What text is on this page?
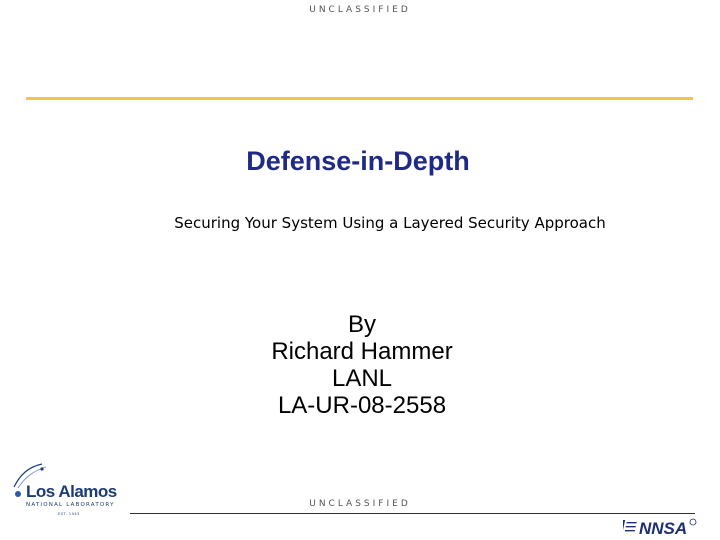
UNCLASSIFIED
Defense-in-Depth
Securing Your System Using a Layered Security Approach
By
Richard Hammer
LANL
LA-UR-08-2558
Los Alamos
NATIONAL LABORATORY
EST. 1943
UNCLASSIFIED
NNSA
